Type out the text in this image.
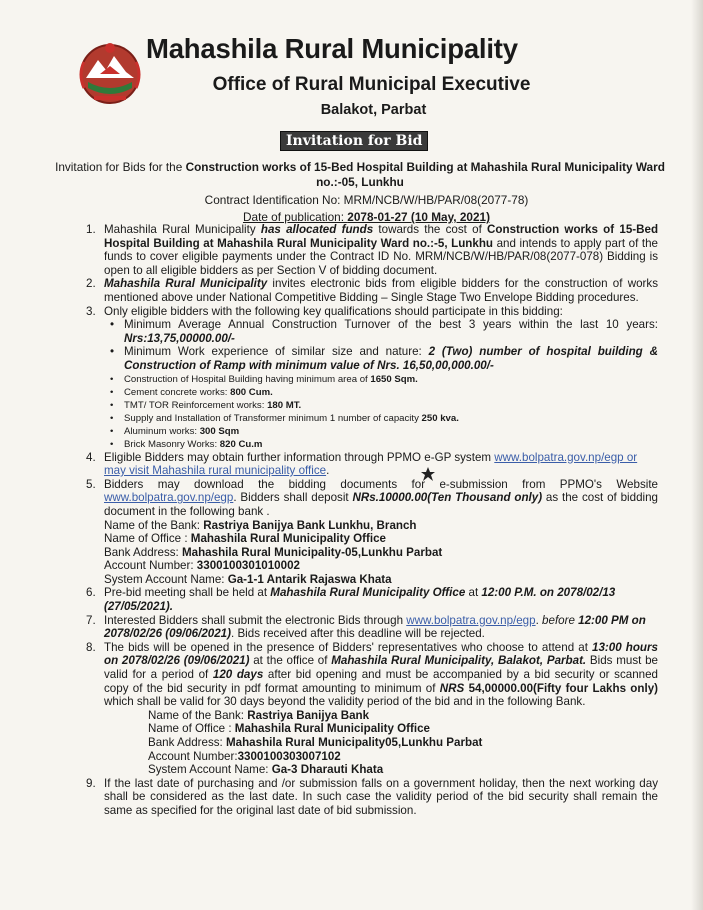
Mahashila Rural Municipality
Office of Rural Municipal Executive
Balakot, Parbat
Invitation for Bid
Invitation for Bids for the Construction works of 15-Bed Hospital Building at Mahashila Rural Municipality Ward no.:-05, Lunkhu
Contract Identification No: MRM/NCB/W/HB/PAR/08(2077-78)
Date of publication: 2078-01-27 (10 May, 2021)
1. Mahashila Rural Municipality has allocated funds towards the cost of Construction works of 15-Bed Hospital Building at Mahashila Rural Municipality Ward no.:-5, Lunkhu and intends to apply part of the funds to cover eligible payments under the Contract ID No. MRM/NCB/W/HB/PAR/08(2077-078) Bidding is open to all eligible bidders as per Section V of bidding document.
2. Mahashila Rural Municipality invites electronic bids from eligible bidders for the construction of works mentioned above under National Competitive Bidding – Single Stage Two Envelope Bidding procedures.
3. Only eligible bidders with the following key qualifications should participate in this bidding:
• Minimum Average Annual Construction Turnover of the best 3 years within the last 10 years: Nrs:13,75,00000.00/-
• Minimum Work experience of similar size and nature: 2 (Two) number of hospital building & Construction of Ramp with minimum value of Nrs. 16,50,00,000.00/-
• Construction of Hospital Building having minimum area of 1650 Sqm.
• Cement concrete works: 800 Cum.
• TMT/ TOR Reinforcement works: 180 MT.
• Supply and Installation of Transformer minimum 1 number of capacity 250 kva.
• Aluminum works: 300 Sqm
• Brick Masonry Works: 820 Cu.m
4. Eligible Bidders may obtain further information through PPMO e-GP system www.bolpatra.gov.np/egp or may visit Mahashila rural municipality office.
5. Bidders may download the bidding documents for e-submission from PPMO's Website www.bolpatra.gov.np/egp. Bidders shall deposit NRs.10000.00(Ten Thousand only) as the cost of bidding document in the following bank .
Name of the Bank: Rastriya Banijya Bank Lunkhu, Branch
Name of Office : Mahashila Rural Municipality Office
Bank Address: Mahashila Rural Municipality-05,Lunkhu Parbat
Account Number: 3300100301010002
System Account Name: Ga-1-1 Antarik Rajaswa Khata
6. Pre-bid meeting shall be held at Mahashila Rural Municipality Office at 12:00 P.M. on 2078/02/13 (27/05/2021).
7. Interested Bidders shall submit the electronic Bids through www.bolpatra.gov.np/egp. before 12:00 PM on 2078/02/26 (09/06/2021). Bids received after this deadline will be rejected.
8. The bids will be opened in the presence of Bidders' representatives who choose to attend at 13:00 hours on 2078/02/26 (09/06/2021) at the office of Mahashila Rural Municipality, Balakot, Parbat. Bids must be valid for a period of 120 days after bid opening and must be accompanied by a bid security or scanned copy of the bid security in pdf format amounting to minimum of NRS 54,00000.00(Fifty four Lakhs only) which shall be valid for 30 days beyond the validity period of the bid and in the following Bank.
Name of the Bank: Rastriya Banijya Bank
Name of Office : Mahashila Rural Municipality Office
Bank Address: Mahashila Rural Municipality05,Lunkhu Parbat
Account Number:3300100303007102
System Account Name: Ga-3 Dharauti Khata
9. If the last date of purchasing and /or submission falls on a government holiday, then the next working day shall be considered as the last date. In such case the validity period of the bid security shall remain the same as specified for the original last date of bid submission.
